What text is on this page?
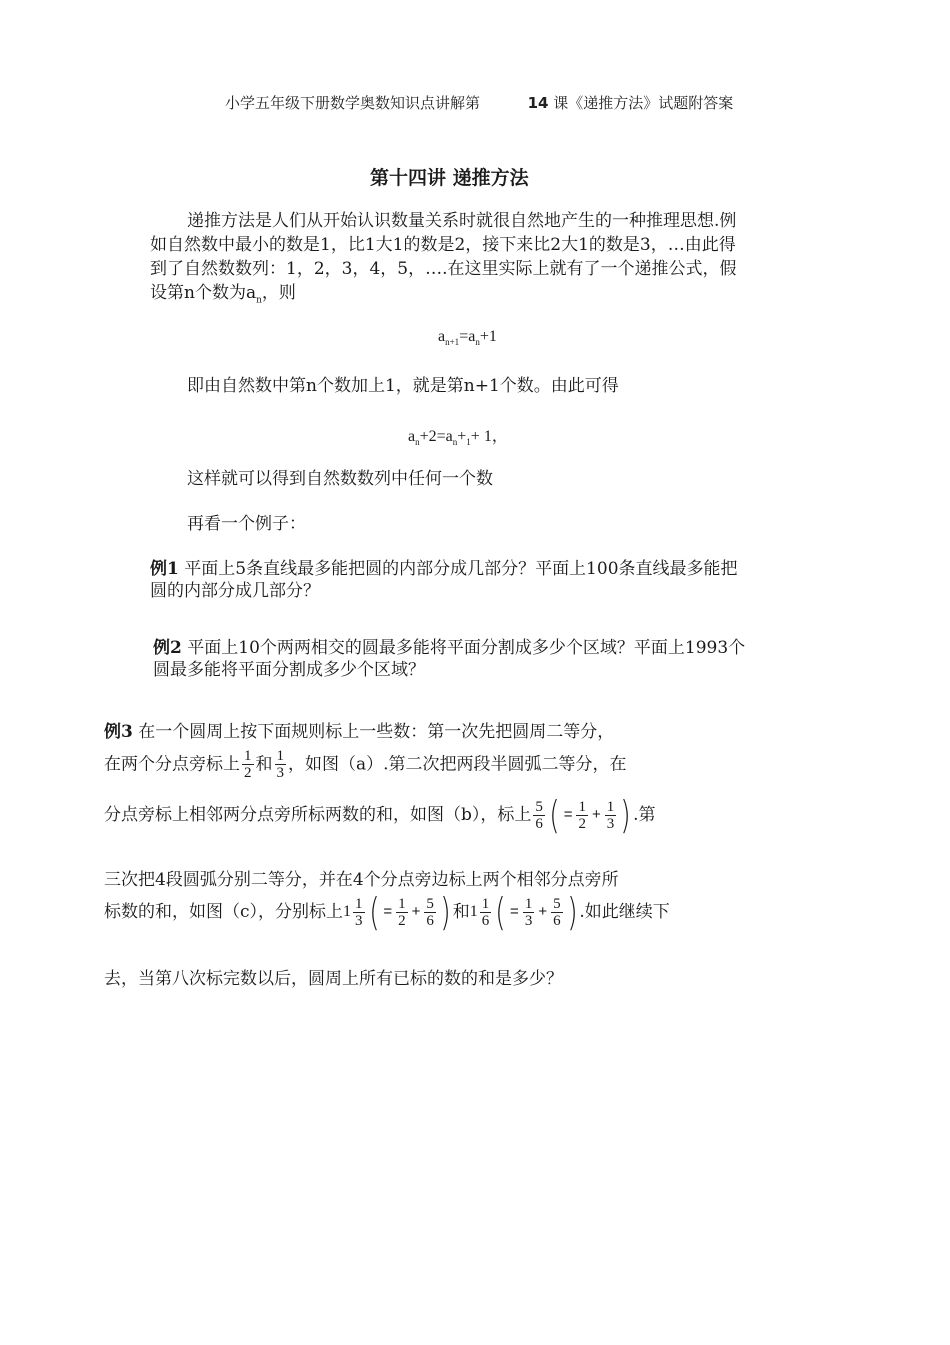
小学五年级下册数学奥数知识点讲解第	14 课《递推方法》试题附答案
第十四讲 递推方法
递推方法是人们从开始认识数量关系时就很自然地产生的一种推理思想.例
如自然数中最小的数是1，比1大1的数是2，接下来比2大1的数是3，…由此得
到了自然数数列：1，2，3，4，5，….在这里实际上就有了一个递推公式，假
设第n个数为$a_n$，则
$a_{n+1}=a_n+1$
即由自然数中第n个数加上1，就是第n+1个数。由此可得
$a_n+2=a_n+_1+ 1$，
这样就可以得到自然数数列中任何一个数
再看一个例子：
例1 平面上5条直线最多能把圆的内部分成几部分？平面上100条直线最多能把
圆的内部分成几部分？
例2 平面上10个两两相交的圆最多能将平面分割成多少个区域？平面上1993个
圆最多能将平面分割成多少个区域？
例3 在一个圆周上按下面规则标上一些数：第一次先把圆周二等分，
在两个分点旁标上 $\frac{1}{2}$ 和 $\frac{1}{3}$ ，如图（a）.第二次把两段半圆弧二等分，在
分点旁标上相邻两分点旁所标两数的和，如图（b），标上 $\frac{5}{6}$ ( = $\frac{1}{2} + \frac{1}{3}$ ) .第
三次把4段圆弧分别二等分，并在4个分点旁边标上两个相邻分点旁所
标数的和，如图（c），分别标上$1 \frac{1}{3}$ ( = $\frac{1}{2} + \frac{5}{6}$ ) 和$1 \frac{1}{6}$ ( = $\frac{1}{3} + \frac{5}{6}$ ) .如此继续下
去，当第八次标完数以后，圆周上所有已标的数的和是多少？
